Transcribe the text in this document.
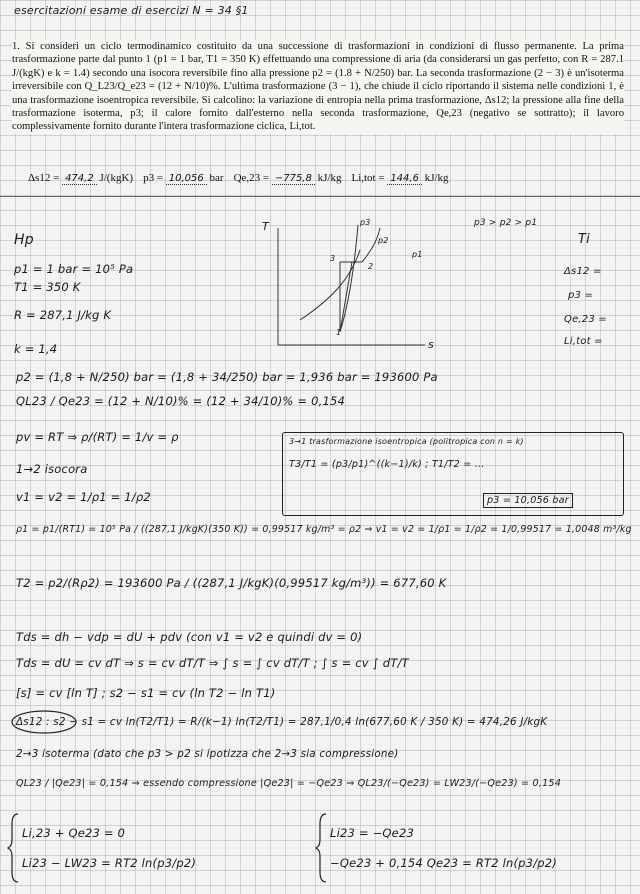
esercitazioni esame di esercizi N = 34 §1

1. Si consideri un ciclo termodinamico costituito da una successione di trasformazioni in condizioni di flusso permanente. La prima trasformazione parte dal punto 1 (p1 = 1 bar, T1 = 350 K) effettuando una compressione di aria (da considerarsi un gas perfetto, con R = 287.1 J/(kgK) e k = 1.4) secondo una isocora reversibile fino alla pressione p2 = (1.8 + N/250) bar. La seconda trasformazione (2 − 3) è un'isoterma irreversibile con Q_L23/Q_e23 = (12 + N/10)%. L'ultima trasformazione (3 − 1), che chiude il ciclo riportando il sistema nelle condizioni 1, è una trasformazione isoentropica reversibile. Si calcolino: la variazione di entropia nella prima trasformazione, Δs12; la pressione alla fine della trasformazione isoterma, p3; il calore fornito dall'esterno nella seconda trasformazione, Qe,23 (negativo se sottratto); il lavoro complessivamente fornito durante l'intera trasformazione ciclica, Li,tot.

Δs12 = 474,2 J/(kgK) p3 = 10,056 bar Qe,23 = −775,8 kJ/kg Li,tot = 144,6 kJ/kg
Hp
p1 = 1 bar = 10⁵ Pa
T1 = 350 K
R = 287,1 J/kg K
k = 1,4
T
s
1
2
3
p3
p2
p1
p3 > p2 > p1
Ti
Δs12 =
p3 =
Qe,23 =
Li,tot =
p2 = (1,8 + N/250) bar = (1,8 + 34/250) bar = 1,936 bar = 193600 Pa
QL23 / Qe23 = (12 + N/10)% = (12 + 34/10)% = 0,154
pv = RT ⇒ ρ/(RT) = 1/v = ρ
1→2 isocora
v1 = v2 = 1/ρ1 = 1/ρ2
ρ1 = p1/(RT1) = 10⁵ Pa / ((287,1 J/kgK)(350 K)) = 0,99517 kg/m³ = ρ2 ⇒ v1 = v2 = 1/ρ1 = 1/ρ2 = 1/0,99517 = 1,0048 m³/kg
T2 = p2/(Rρ2) = 193600 Pa / ((287,1 J/kgK)(0,99517 kg/m³)) = 677,60 K
Tds = dh − vdp = dU + pdv (con v1 = v2 e quindi dv = 0)
Tds = dU = cv dT ⇒ s = cv dT/T ⇒ ∫ s = ∫ cv dT/T ; ∫ s = cv ∫ dT/T
[s] = cv [ln T] ; s2 − s1 = cv (ln T2 − ln T1)
Δs12 : s2 − s1 = cv ln(T2/T1) = R/(k−1) ln(T2/T1) = 287,1/0,4 ln(677,60 K / 350 K) = 474,26 J/kgK
2→3 isoterma (dato che p3 > p2 si ipotizza che 2→3 sia compressione)
QL23 / |Qe23| = 0,154 ⇒ essendo compressione |Qe23| = −Qe23 ⇒ QL23/(−Qe23) = LW23/(−Qe23) = 0,154
Li,23 + Qe23 = 0
Li23 − LW23 = RT2 ln(p3/p2)
Li23 = −Qe23
−Qe23 + 0,154 Qe23 = RT2 ln(p3/p2)
3→1 trasformazione isoentropica (politropica con n = k)
T3/T1 = (p3/p1)^((k−1)/k) ; T1/T2 = ...
p3 = 10,056 bar
